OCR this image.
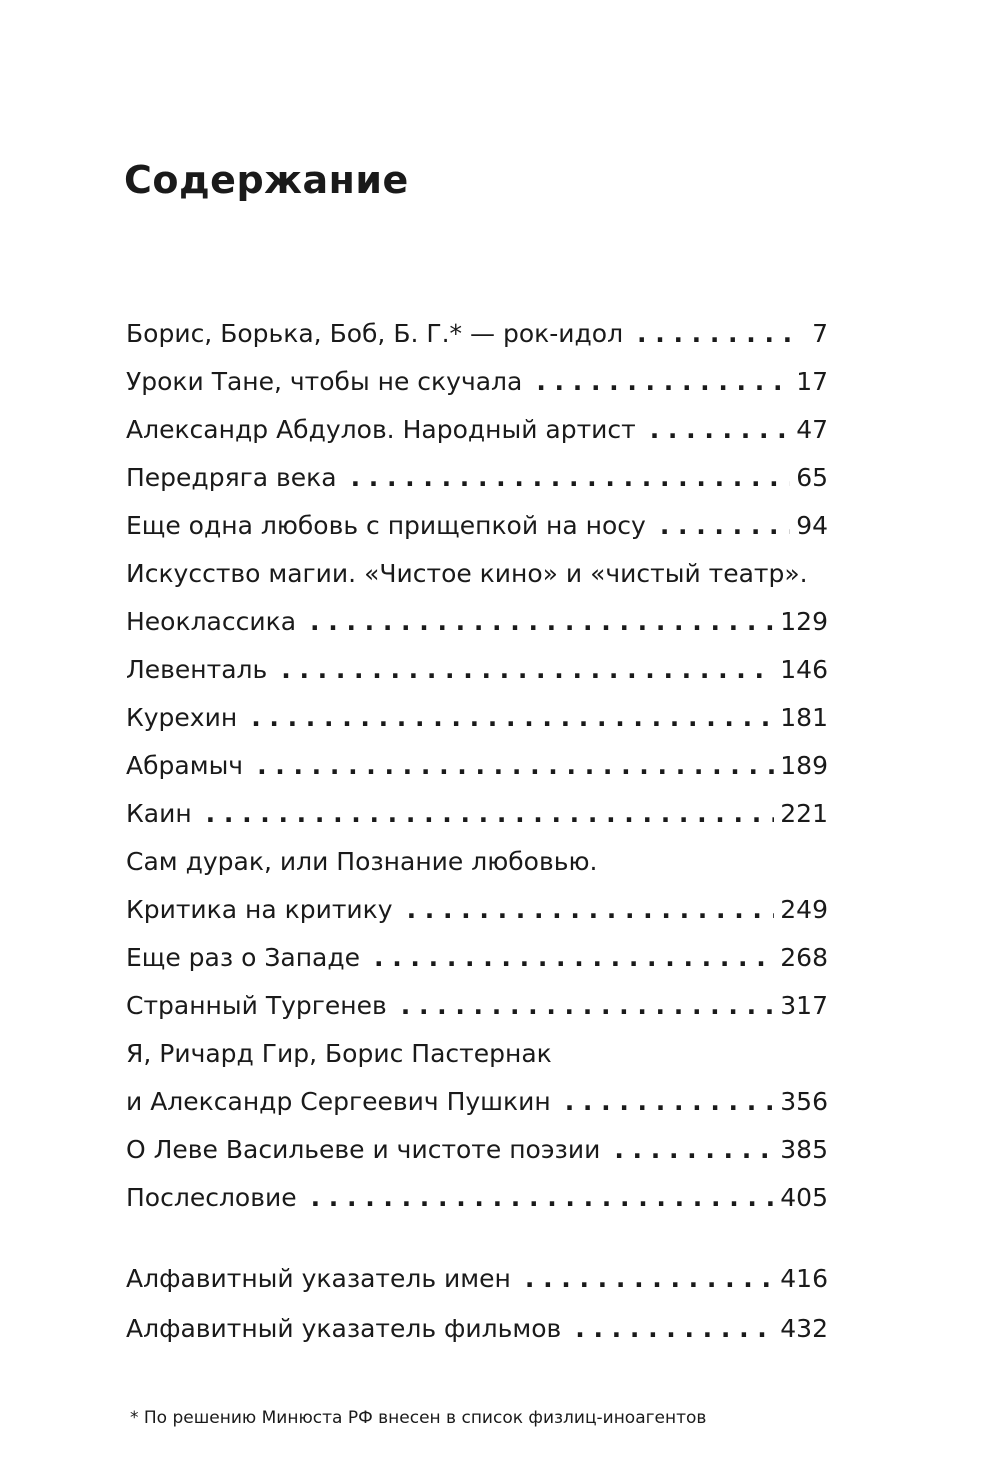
Содержание
Борис, Борька, Боб, Б. Г.* — рок-идол . . .	7
Уроки Тане, чтобы не скучала . . .	17
Александр Абдулов. Народный артист . . .	47
Передряга века . . .	65
Еще одна любовь с прищепкой на носу . . .	94
Искусство магии. «Чистое кино» и «чистый театр».
Неоклассика . . .	129
Левенталь . . .	146
Курехин . . .	181
Абрамыч . . .	189
Каин . . .	221
Сам дурак, или Познание любовью.
Критика на критику . . .	249
Еще раз о Западе . . .	268
Странный Тургенев . . .	317
Я, Ричард Гир, Борис Пастернак
и Александр Сергеевич Пушкин . . .	356
О Леве Васильеве и чистоте поэзии . . .	385
Послесловие . . .	405
Алфавитный указатель имен . . .	416
Алфавитный указатель фильмов . . .	432

* По решению Минюста РФ внесен в список физлиц-иноагентов
